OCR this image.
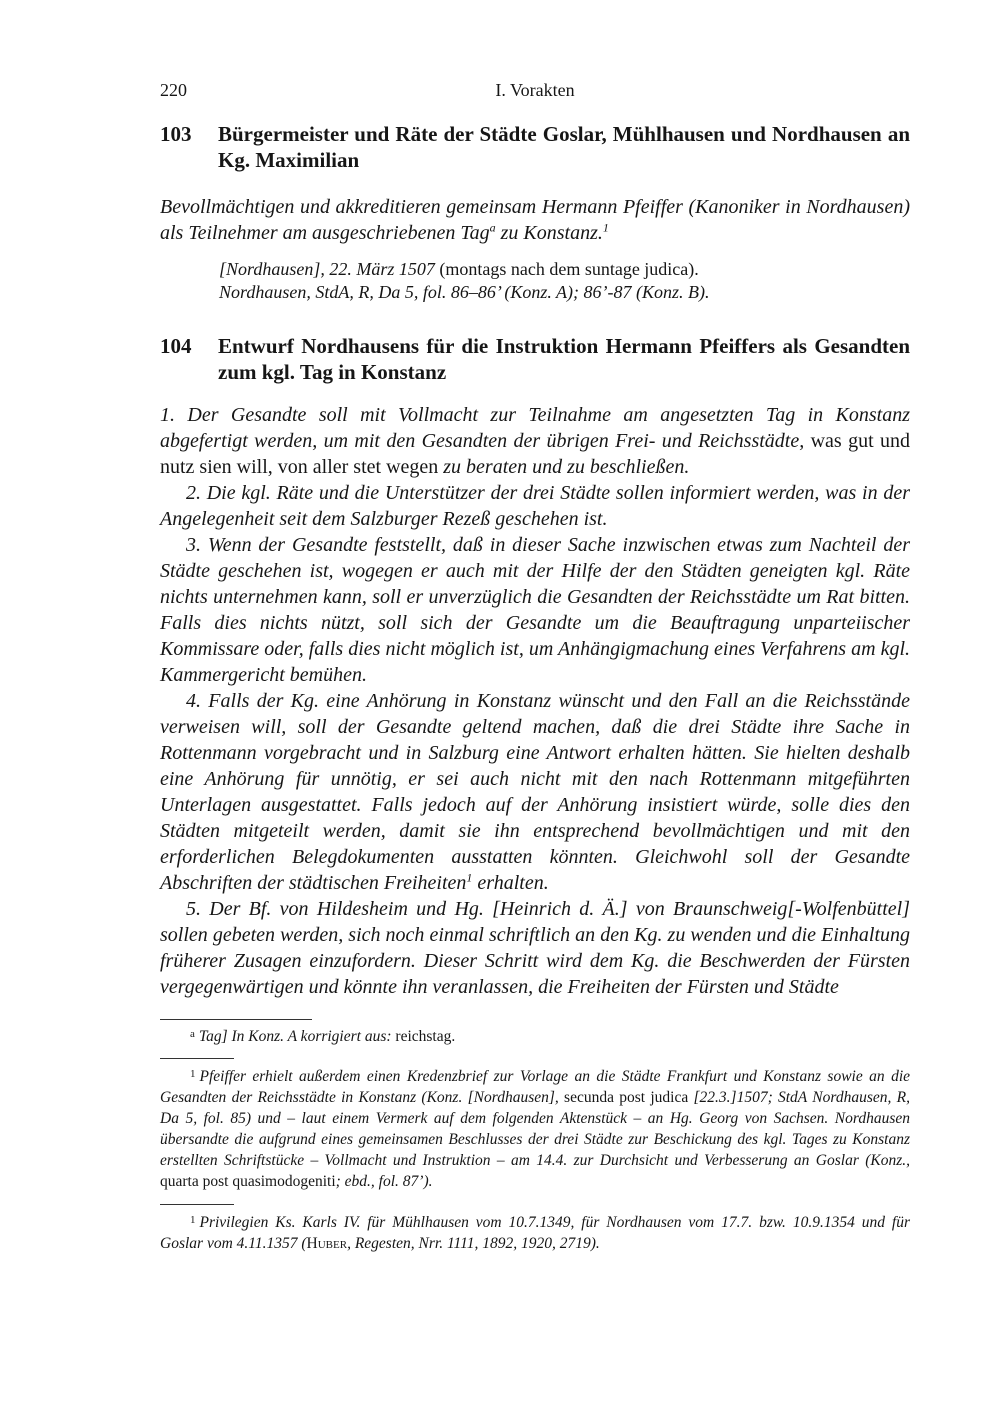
220	I. Vorakten
103 Bürgermeister und Räte der Städte Goslar, Mühlhausen und Nordhausen an Kg. Maximilian
Bevollmächtigen und akkreditieren gemeinsam Hermann Pfeiffer (Kanoniker in Nordhausen) als Teilnehmer am ausgeschriebenen Tag$^a$ zu Konstanz.$^1$
[Nordhausen], 22. März 1507 (montags nach dem suntage judica).
Nordhausen, StdA, R, Da 5, fol. 86–86’ (Konz. A); 86’-87 (Konz. B).
104 Entwurf Nordhausens für die Instruktion Hermann Pfeiffers als Gesandten zum kgl. Tag in Konstanz

1. Der Gesandte soll mit Vollmacht zur Teilnahme am angesetzten Tag in Konstanz abgefertigt werden, um mit den Gesandten der übrigen Frei- und Reichsstädte, was gut und nutz sien will, von aller stet wegen zu beraten und zu beschließen.

2. Die kgl. Räte und die Unterstützer der drei Städte sollen informiert werden, was in der Angelegenheit seit dem Salzburger Rezeß geschehen ist.

3. Wenn der Gesandte feststellt, daß in dieser Sache inzwischen etwas zum Nachteil der Städte geschehen ist, wogegen er auch mit der Hilfe der den Städten geneigten kgl. Räte nichts unternehmen kann, soll er unverzüglich die Gesandten der Reichsstädte um Rat bitten. Falls dies nichts nützt, soll sich der Gesandte um die Beauftragung unparteiischer Kommissare oder, falls dies nicht möglich ist, um Anhängigmachung eines Verfahrens am kgl. Kammergericht bemühen.

4. Falls der Kg. eine Anhörung in Konstanz wünscht und den Fall an die Reichsstände verweisen will, soll der Gesandte geltend machen, daß die drei Städte ihre Sache in Rottenmann vorgebracht und in Salzburg eine Antwort erhalten hätten. Sie hielten deshalb eine Anhörung für unnötig, er sei auch nicht mit den nach Rottenmann mitgeführten Unterlagen ausgestattet. Falls jedoch auf der Anhörung insistiert würde, solle dies den Städten mitgeteilt werden, damit sie ihn entsprechend bevollmächtigen und mit den erforderlichen Belegdokumenten ausstatten könnten. Gleichwohl soll der Gesandte Abschriften der städtischen Freiheiten$^1$ erhalten.

5. Der Bf. von Hildesheim und Hg. [Heinrich d. Ä.] von Braunschweig[-Wolfenbüttel] sollen gebeten werden, sich noch einmal schriftlich an den Kg. zu wenden und die Einhaltung früherer Zusagen einzufordern. Dieser Schritt wird dem Kg. die Beschwerden der Fürsten vergegenwärtigen und könnte ihn veranlassen, die Freiheiten der Fürsten und Städte

$^a$ Tag] In Konz. A korrigiert aus: reichstag.
$^1$ Pfeiffer erhielt außerdem einen Kredenzbrief zur Vorlage an die Städte Frankfurt und Konstanz sowie an die Gesandten der Reichsstädte in Konstanz (Konz. [Nordhausen], secunda post judica [22.3.]1507; StdA Nordhausen, R, Da 5, fol. 85) und – laut einem Vermerk auf dem folgenden Aktenstück – an Hg. Georg von Sachsen. Nordhausen übersandte die aufgrund eines gemeinsamen Beschlusses der drei Städte zur Beschickung des kgl. Tages zu Konstanz erstellten Schriftstücke – Vollmacht und Instruktion – am 14.4. zur Durchsicht und Verbesserung an Goslar (Konz., quarta post quasimodogeniti; ebd., fol. 87’).
$^1$ Privilegien Ks. Karls IV. für Mühlhausen vom 10.7.1349, für Nordhausen vom 17.7. bzw. 10.9.1354 und für Goslar vom 4.11.1357 (Huber, Regesten, Nrr. 1111, 1892, 1920, 2719).
